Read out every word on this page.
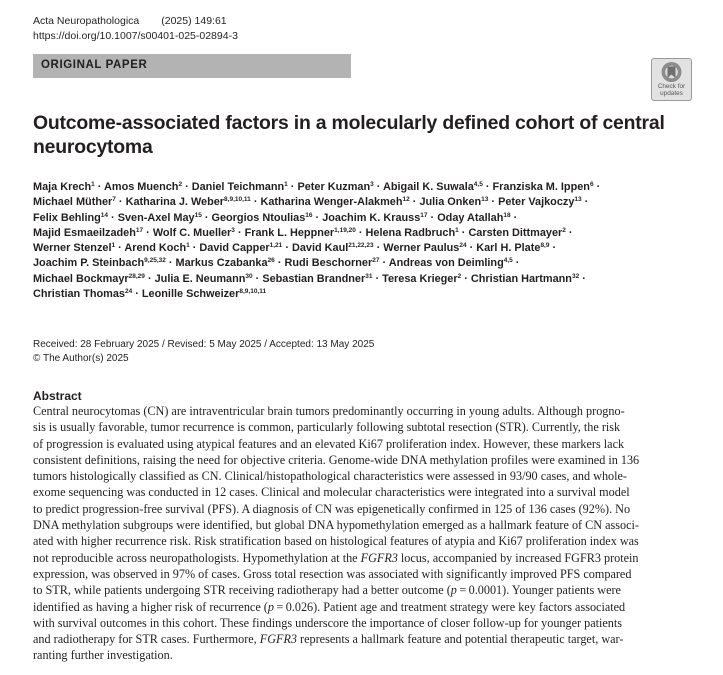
Acta Neuropathologica (2025) 149:61
https://doi.org/10.1007/s00401-025-02894-3
ORIGINAL PAPER
Check for
updates
Outcome-associated factors in a molecularly defined cohort of central neurocytoma
Maja Krech$^1$ · Amos Muench$^2$ · Daniel Teichmann$^1$ · Peter Kuzman$^3$ · Abigail K. Suwala$^{4,5}$ · Franziska M. Ippen$^6$ ·
Michael Müther$^7$ · Katharina J. Weber$^{8,9,10,11}$ · Katharina Wenger-Alakmeh$^{12}$ · Julia Onken$^{13}$ · Peter Vajkoczy$^{13}$ ·
Felix Behling$^{14}$ · Sven-Axel May$^{15}$ · Georgios Ntoulias$^{16}$ · Joachim K. Krauss$^{17}$ · Oday Atallah$^{18}$ ·
Majid Esmaeilzadeh$^{17}$ · Wolf C. Mueller$^3$ · Frank L. Heppner$^{1,19,20}$ · Helena Radbruch$^1$ · Carsten Dittmayer$^2$ ·
Werner Stenzel$^1$ · Arend Koch$^1$ · David Capper$^{1,21}$ · David Kaul$^{21,22,23}$ · Werner Paulus$^{24}$ · Karl H. Plate$^{8,9}$ ·
Joachim P. Steinbach$^{9,25,32}$ · Markus Czabanka$^{26}$ · Rudi Beschorner$^{27}$ · Andreas von Deimling$^{4,5}$ ·
Michael Bockmayr$^{28,29}$ · Julia E. Neumann$^{30}$ · Sebastian Brandner$^{31}$ · Teresa Krieger$^2$ · Christian Hartmann$^{32}$ ·
Christian Thomas$^{24}$ · Leonille Schweizer$^{8,9,10,11}$
Received: 28 February 2025 / Revised: 5 May 2025 / Accepted: 13 May 2025
© The Author(s) 2025
Abstract
Central neurocytomas (CN) are intraventricular brain tumors predominantly occurring in young adults. Although progno-
sis is usually favorable, tumor recurrence is common, particularly following subtotal resection (STR). Currently, the risk
of progression is evaluated using atypical features and an elevated Ki67 proliferation index. However, these markers lack
consistent definitions, raising the need for objective criteria. Genome-wide DNA methylation profiles were examined in 136
tumors histologically classified as CN. Clinical/histopathological characteristics were assessed in 93/90 cases, and whole-
exome sequencing was conducted in 12 cases. Clinical and molecular characteristics were integrated into a survival model
to predict progression-free survival (PFS). A diagnosis of CN was epigenetically confirmed in 125 of 136 cases (92%). No
DNA methylation subgroups were identified, but global DNA hypomethylation emerged as a hallmark feature of CN associ-
ated with higher recurrence risk. Risk stratification based on histological features of atypia and Ki67 proliferation index was
not reproducible across neuropathologists. Hypomethylation at the FGFR3 locus, accompanied by increased FGFR3 protein
expression, was observed in 97% of cases. Gross total resection was associated with significantly improved PFS compared
to STR, while patients undergoing STR receiving radiotherapy had a better outcome (p = 0.0001). Younger patients were
identified as having a higher risk of recurrence (p = 0.026). Patient age and treatment strategy were key factors associated
with survival outcomes in this cohort. These findings underscore the importance of closer follow-up for younger patients
and radiotherapy for STR cases. Furthermore, FGFR3 represents a hallmark feature and potential therapeutic target, war-
ranting further investigation.
